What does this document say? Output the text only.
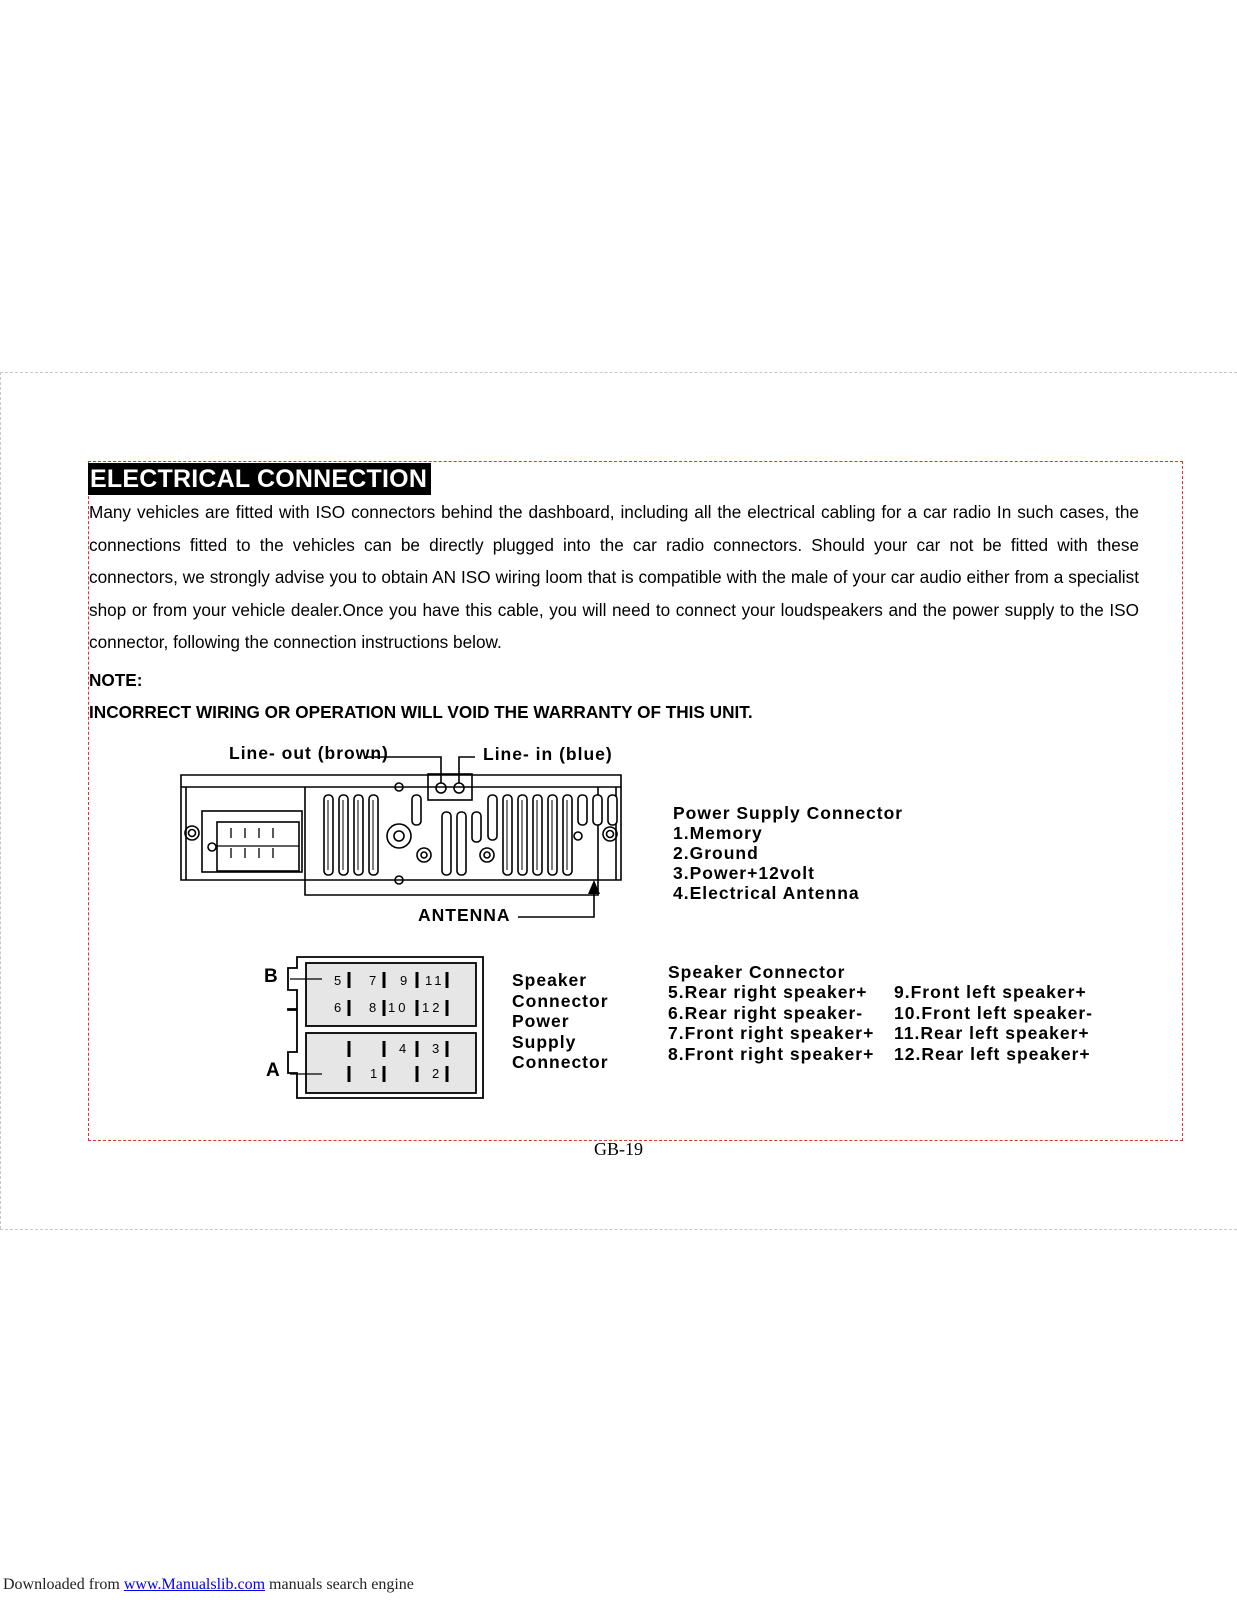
ELECTRICAL CONNECTION

Many vehicles are fitted with ISO connectors behind the dashboard, including all the electrical cabling for a car radio In such cases, the connections fitted to the vehicles can be directly plugged into the car radio connectors. Should your car not be fitted with these connectors, we strongly advise you to obtain AN ISO wiring loom that is compatible with the male of your car audio either from a specialist shop or from your vehicle dealer.Once you have this cable, you will need to connect your loudspeakers and the power supply to the ISO connector, following the connection instructions below.

NOTE:

INCORRECT WIRING OR OPERATION WILL VOID THE WARRANTY OF THIS UNIT.

5 7 9 11
6 8 10 12
4 3
1	2
B
A

Line- out (brown)	Line- in (blue)

ANTENNA

Power Supply Connector

1.Memory
2.Ground
3.Power+12volt
4.Electrical Antenna
Speaker
Connector
Power
Supply
Connector

Speaker Connector

5.Rear right speaker+	9.Front left speaker+
6.Rear right speaker-	10.Front left speaker-
7.Front right speaker+	11.Rear left speaker+
8.Front right speaker+	12.Rear left speaker+
GB-19
Downloaded from www.Manualslib.com manuals search engine
